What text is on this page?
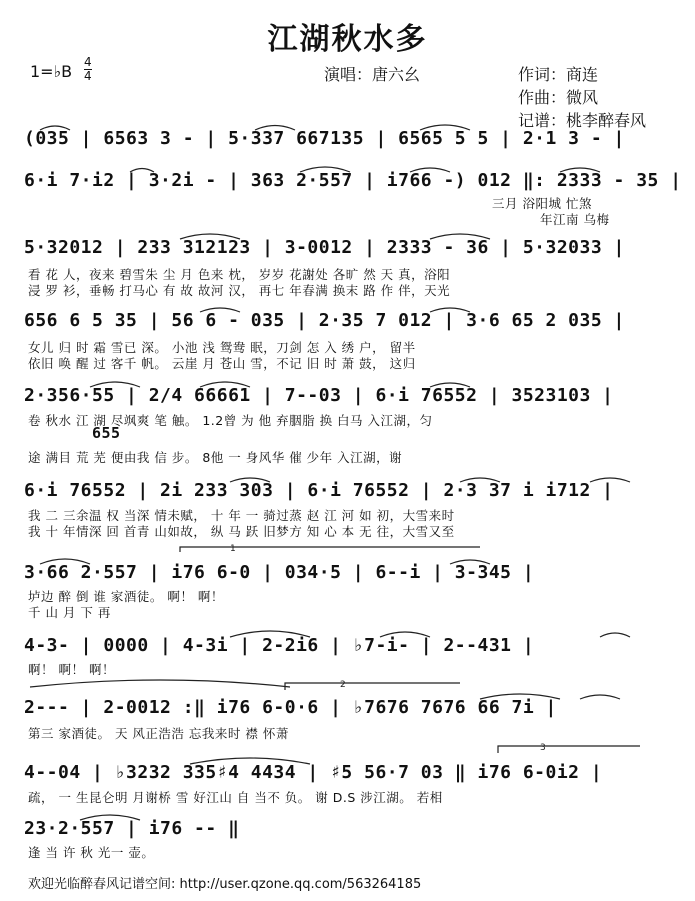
江湖秋水多
1=♭B 4
4	演唱：唐六幺	作词：商连
作曲：微风
记谱：桃李醉春风
(035 | 6563 3 - | 5·337 667135 | 6565 5 5 | 2·1 3 - |
6·i 7·i2 | 3·2i - | 363 2·557 | i766 -) 012 ‖: 2333 - 35 |
三月 浴阳城 忙煞
年江南 乌梅
5·32012 | 233 312123 | 3-0012 | 2333 - 36 | 5·32033 |
看 花 人，夜来 碧雪朱 尘 月 色来 枕， 岁岁 花謝处 各旷 然 天 真，浴阳
浸 罗 衫，垂畅 打马心 有 故 故河 汉， 再七 年春满 换末 路 作 伴，天光
656 6 5 35 | 56 6 - 035 | 2·35 7 012 | 3·6 65 2 035 |
女儿 归 时 霜 雪已 深。 小池 浅 鸳鸯 眠，刀剑 怎 入 绣 户， 留半
依旧 唤 醒 过 客千 帆。 云崖 月 苍山 雪，不记 旧 时 萧 鼓， 这归
2·356·55 | 2/4 66661 | 7--03 | 6·i 76552 | 3523103 |
卷 秋水 江 湖 尽飒爽 笔 触。 1.2曾 为 他 弃胭脂 换 白马 入江湖，匀
655
途 满目 荒 芜 便由我 信 步。 8他 一 身风华 催 少年 入江湖，谢
6·i 76552 | 2i 233 303 | 6·i 76552 | 2·3 37 i i712 |
我 二 三余温 权 当深 情未赋， 十 年 一 骑过蒸 赵 江 河 如 初，大雪来时
我 十 年情深 回 首青 山如故， 纵 马 跃 旧梦方 知 心 本 无 往，大雪又至
3·66 2·557 | i76 6-0 | 034·5 | 6--i | 3-345 |
垆边 醉 倒 谁 家酒徒。 啊！ 啊！
千 山 月 下 再
4-3- | 0000 | 4-3i | 2-2i6 | ♭7-i- | 2--431 |
啊！ 啊！ 啊！
2--- | 2-0012 :‖ i76 6-0·6 | ♭7676 7676 66 7i |
第三 家酒徒。 天 风正浩浩 忘我来时 襟 怀萧
4--04 | ♭3232 335♯4 4434 | ♯5 56·7 03 ‖ i76 6-0i2 |
疏， 一 生昆仑明 月谢桥 雪 好江山 自 当不 负。 谢 D.S 涉江湖。 若相
23·2·557 | i76 -- ‖
逢 当 许 秋 光一 壶。
1
2
3
欢迎光临醉春风记谱空间: http://user.qzone.qq.com/563264185
